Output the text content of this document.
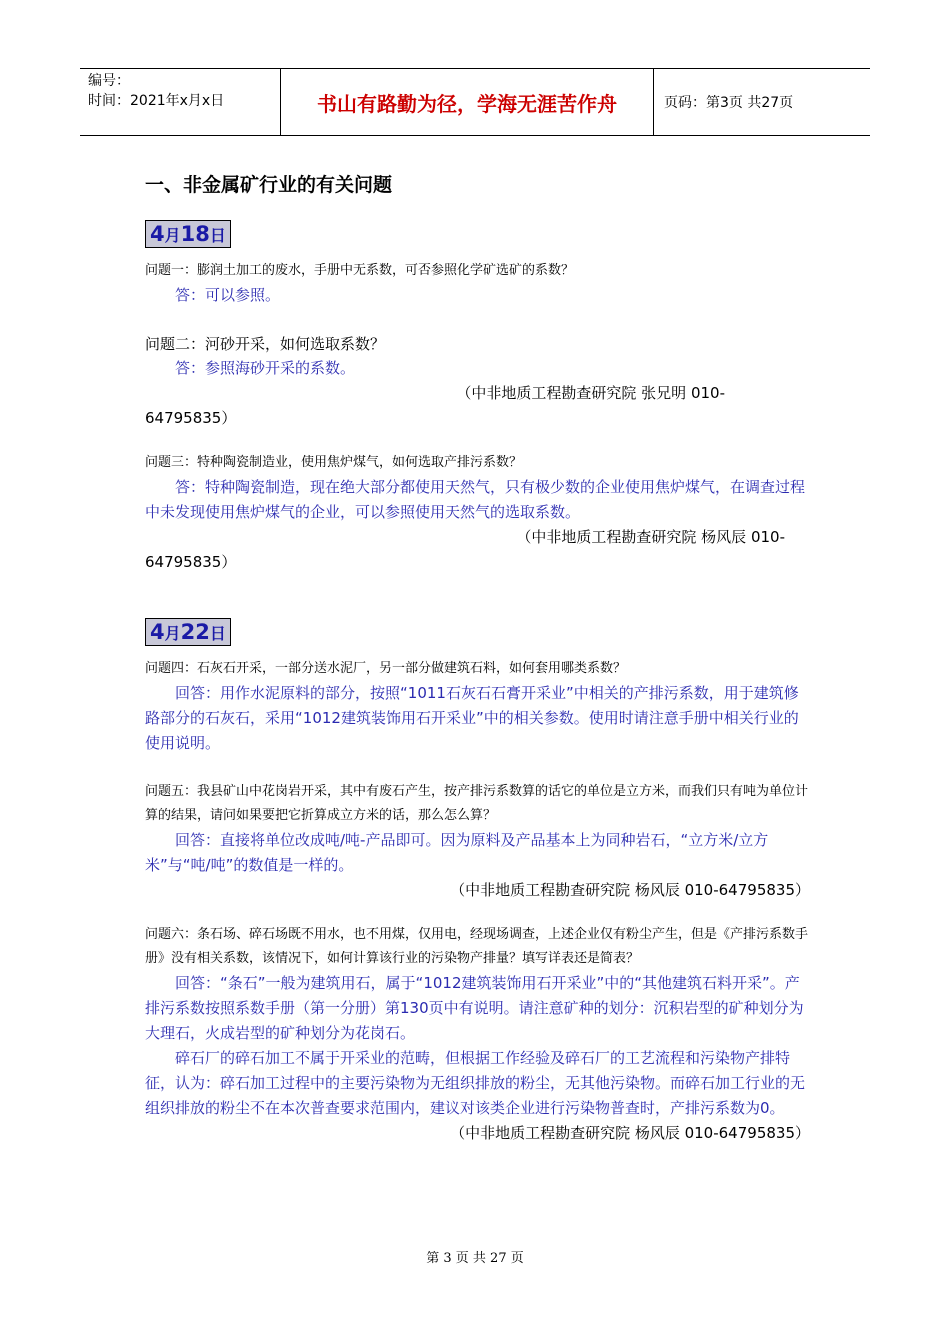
编号：
时间：2021年x月x日	书山有路勤为径，学海无涯苦作舟	页码：第3页 共27页
一、非金属矿行业的有关问题
4月18日

问题一：膨润土加工的废水，手册中无系数，可否参照化学矿选矿的系数？

答：可以参照。

问题二：河砂开采，如何选取系数？

答：参照海砂开采的系数。

（中非地质工程勘查研究院 张兄明 010-
64795835）

问题三：特种陶瓷制造业，使用焦炉煤气，如何选取产排污系数？

答：特种陶瓷制造，现在绝大部分都使用天然气，只有极少数的企业使用焦炉煤气，在调查过程中未发现使用焦炉煤气的企业，可以参照使用天然气的选取系数。

（中非地质工程勘查研究院 杨风辰 010-
64795835）

4月22日

问题四：石灰石开采，一部分送水泥厂，另一部分做建筑石料，如何套用哪类系数？

回答：用作水泥原料的部分，按照“1011石灰石石膏开采业”中相关的产排污系数，用于建筑修路部分的石灰石，采用“1012建筑装饰用石开采业”中的相关参数。使用时请注意手册中相关行业的使用说明。

问题五：我县矿山中花岗岩开采，其中有废石产生，按产排污系数算的话它的单位是立方米，而我们只有吨为单位计算的结果，请问如果要把它折算成立方米的话，那么怎么算？

回答：直接将单位改成吨/吨-产品即可。因为原料及产品基本上为同种岩石，“立方米/立方米”与“吨/吨”的数值是一样的。

（中非地质工程勘查研究院 杨风辰 010-64795835）

问题六：条石场、碎石场既不用水，也不用煤，仅用电，经现场调查，上述企业仅有粉尘产生，但是《产排污系数手册》没有相关系数，该情况下，如何计算该行业的污染物产排量？填写详表还是简表？

回答：“条石”一般为建筑用石，属于“1012建筑装饰用石开采业”中的“其他建筑石料开采”。产排污系数按照系数手册（第一分册）第130页中有说明。请注意矿种的划分：沉积岩型的矿种划分为大理石，火成岩型的矿种划分为花岗石。

碎石厂的碎石加工不属于开采业的范畴，但根据工作经验及碎石厂的工艺流程和污染物产排特征，认为：碎石加工过程中的主要污染物为无组织排放的粉尘，无其他污染物。而碎石加工行业的无组织排放的粉尘不在本次普查要求范围内，建议对该类企业进行污染物普查时，产排污系数为0。

（中非地质工程勘查研究院 杨风辰 010-64795835）

第 3 页 共 27 页
